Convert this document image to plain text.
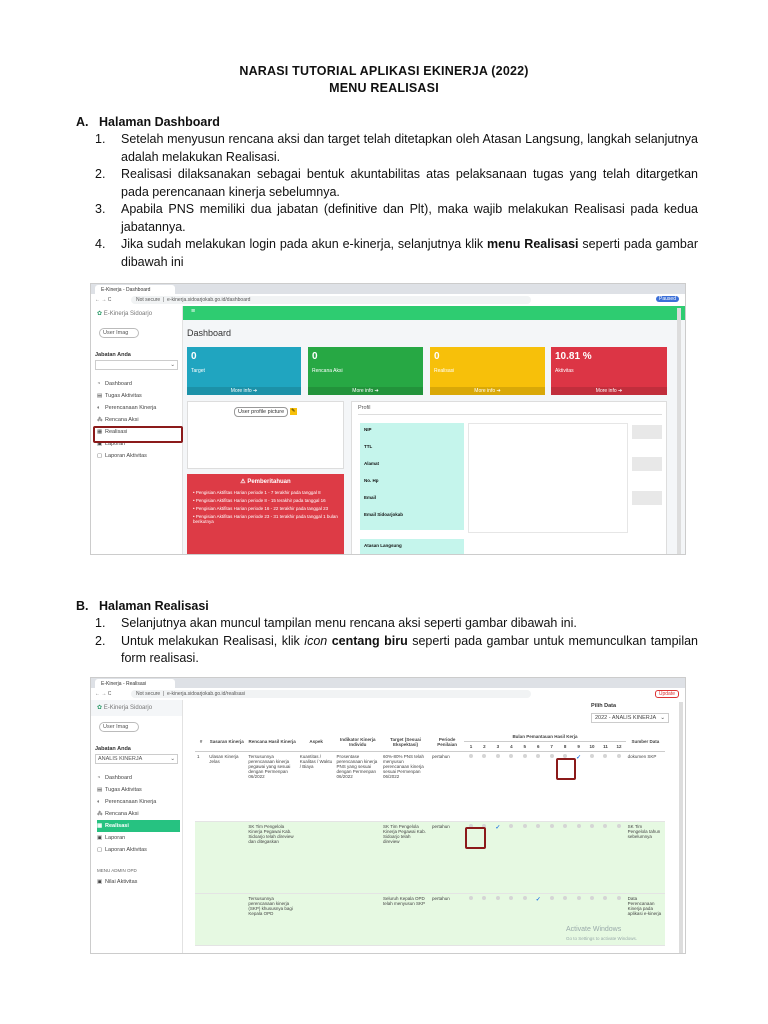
NARASI TUTORIAL APLIKASI EKINERJA (2022)
MENU REALISASI
A. Halaman Dashboard
1. Setelah menyusun rencana aksi dan target telah ditetapkan oleh Atasan Langsung, langkah selanjutnya adalah melakukan Realisasi.
2. Realisasi dilaksanakan sebagai bentuk akuntabilitas atas pelaksanaan tugas yang telah ditargetkan pada perencanaan kinerja sebelumnya.
3. Apabila PNS memiliki dua jabatan (definitive dan Plt), maka wajib melakukan Realisasi pada kedua jabatannya.
4. Jika sudah melakukan login pada akun e-kinerja, selanjutnya klik menu Realisasi seperti pada gambar dibawah ini
E-Kinerja - Dashboard
← → C	Not secure  |  e-kinerja.sidoarjokab.go.id/dashboard	Paused
✿ E-Kinerja Sidoarjo
User Imag
Jabatan Anda
⌄
◔ Dashboard
▤ Tugas Aktivitas
◐ Perencanaan Kinerja
⁂ Rencana Aksi
▦ Realisasi
▣ Laporan
▢ Laporan Aktivitas
≡
Dashboard
0
Target
More info ➔
0
Rencana Aksi
More info ➔
0
Realisasi
More info ➔
10.81 %
Aktivitas
More info ➔
User profile picture ✎
⚠ Pemberitahuan
• Pengisian Aktifitas Harian periode 1 - 7 terakhir pada tanggal 8
• Pengisian Aktifitas Harian periode 8 - 15 terakhir pada tanggal 16
• Pengisian Aktifitas Harian periode 16 - 22 terakhir pada tanggal 23
• Pengisian Aktifitas Harian periode 23 - 31 terakhir pada tanggal 1 bulan berikutnya
Profil
NIP
TTL
Alamat
No. Hp
Email
Email Sidoarjokab
Atasan Langsung
B. Halaman Realisasi
1. Selanjutnya akan muncul tampilan menu rencana aksi seperti gambar dibawah ini.
2. Untuk melakukan Realisasi, klik icon centang biru seperti pada gambar untuk memunculkan tampilan form realisasi.
E-Kinerja - Realisasi
← → C	Not secure  |  e-kinerja.sidoarjokab.go.id/realisasi	Update
✿ E-Kinerja Sidoarjo
User Imag
Jabatan Anda
ANALIS KINERJA	⌄
◔ Dashboard
▤ Tugas Aktivitas
◐ Perencanaan Kinerja
⁂ Rencana Aksi
▦ Realisasi
▣ Laporan
▢ Laporan Aktivitas
MENU ADMIN OPD
▣ Nilai Aktivitas
Pilih Data
2022 - ANALIS KINERJA ⌄
#	Sasaran Kinerja	Rencana Hasil Kinerja	Aspek	Indikator Kinerja Individu	Target (Sesuai Ekspektasi)	Periode Penilaian	Bulan Pemantauan Hasil Kerja												Sumber Data
							1	2	3	4	5	6	7	8	9	10	11	12	
1	Ulasan Kinerja Jelas	Tersusunnya perencanaan kinerja pegawai yang sesuai dengan Permenpan 06/2022	Kuantitas / Kualitas / Waktu / Biaya	Prosentase perencanaan kinerja PNS yang sesuai dengan Permenpan 06/2022	60%-80% PNS telah menyusun perencanaan kinerja sesuai Permenpan 06/2022	pertahun									✓				dokumen SKP
		SK Tim Pengelola Kinerja Pegawai Kab. Sidoarjo telah direview dan ditegaskan			SK Tim Pengelola Kinerja Pegawai Kab. Sidoarjo telah direview	pertahun			✓										SK Tim Pengelola tahun sebelumnya
		Tersusunnya perencanaan kinerja (SKP) khususnya bagi Kepala OPD			Seluruh Kepala OPD telah menyusun SKP	pertahun						✓							Data Perencanaan Kinerja pada aplikasi e-kinerja
Activate Windows
Go to Settings to activate Windows.
